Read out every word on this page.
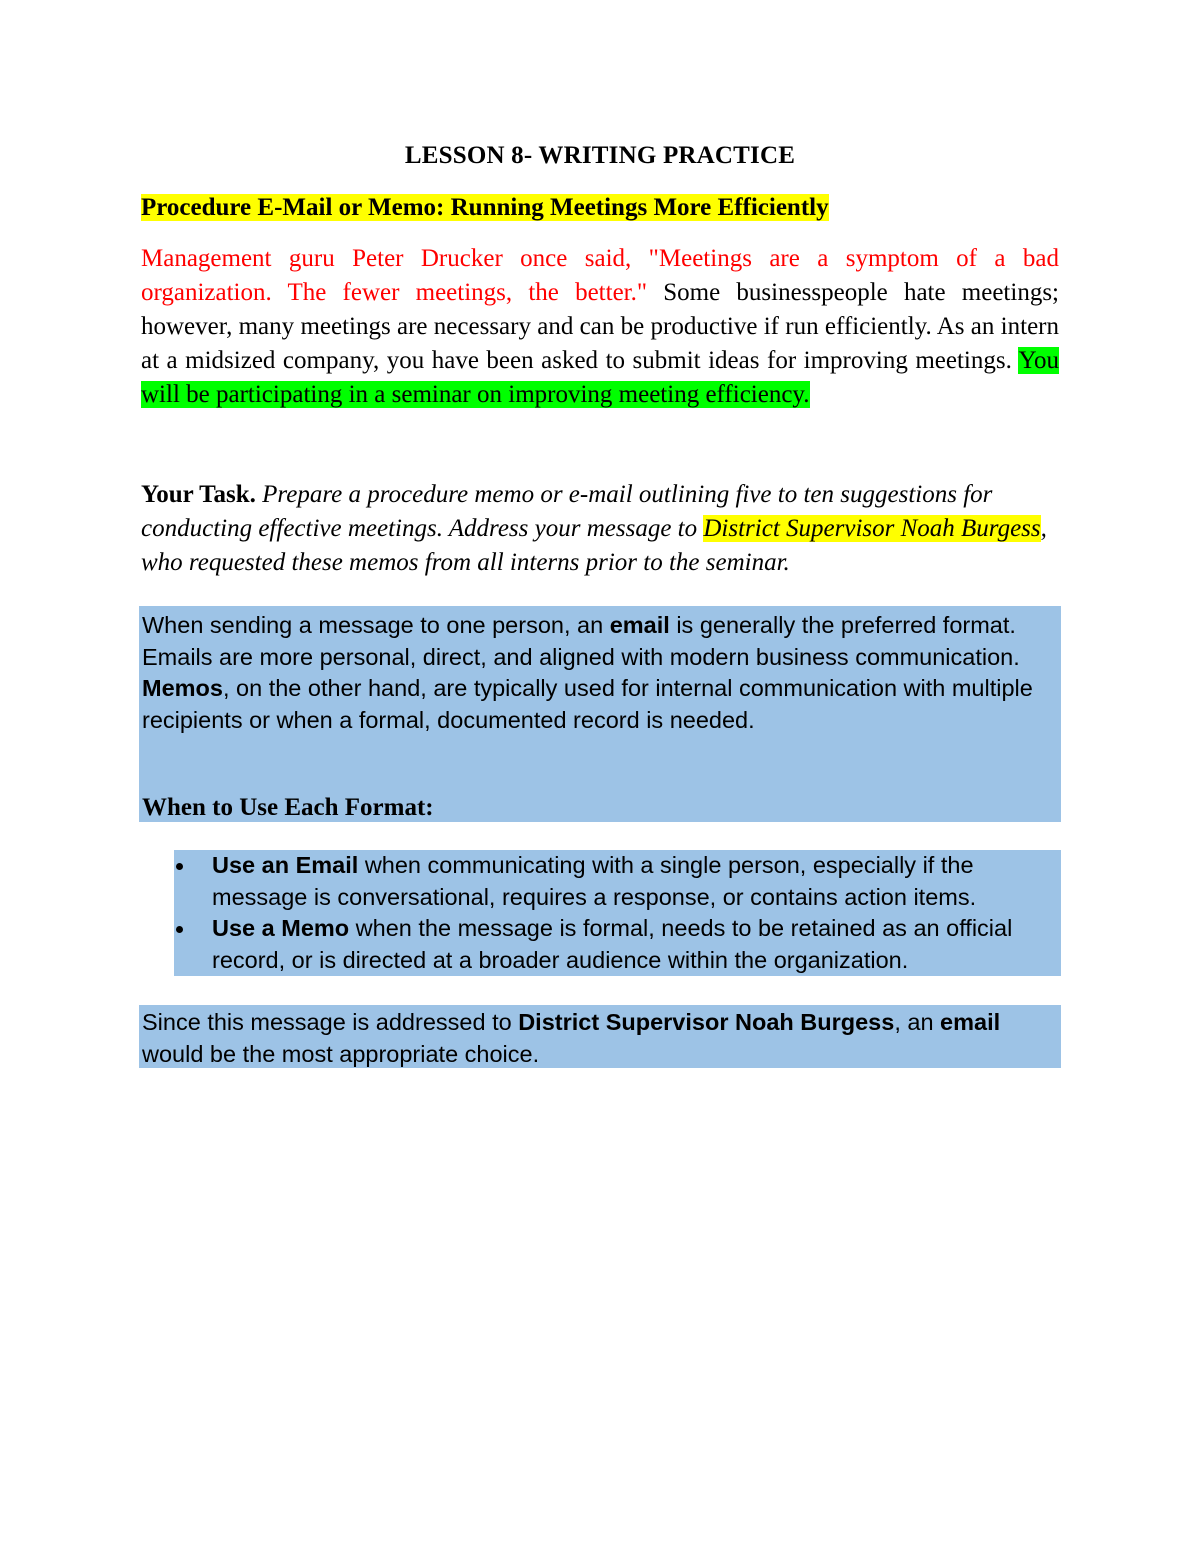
LESSON 8- WRITING PRACTICE
Procedure E-Mail or Memo: Running Meetings More Efficiently
Management guru Peter Drucker once said, "Meetings are a symptom of a bad organization. The fewer meetings, the better." Some businesspeople hate meetings; however, many meetings are necessary and can be productive if run efficiently. As an intern at a midsized company, you have been asked to submit ideas for improving meetings. You will be participating in a seminar on improving meeting efficiency.
Your Task. Prepare a procedure memo or e-mail outlining five to ten suggestions for conducting effective meetings. Address your message to District Supervisor Noah Burgess, who requested these memos from all interns prior to the seminar.
When sending a message to one person, an email is generally the preferred format. Emails are more personal, direct, and aligned with modern business communication. Memos, on the other hand, are typically used for internal communication with multiple recipients or when a formal, documented record is needed.
When to Use Each Format:
Use an Email when communicating with a single person, especially if the message is conversational, requires a response, or contains action items.
Use a Memo when the message is formal, needs to be retained as an official record, or is directed at a broader audience within the organization.
Since this message is addressed to District Supervisor Noah Burgess, an email would be the most appropriate choice.
